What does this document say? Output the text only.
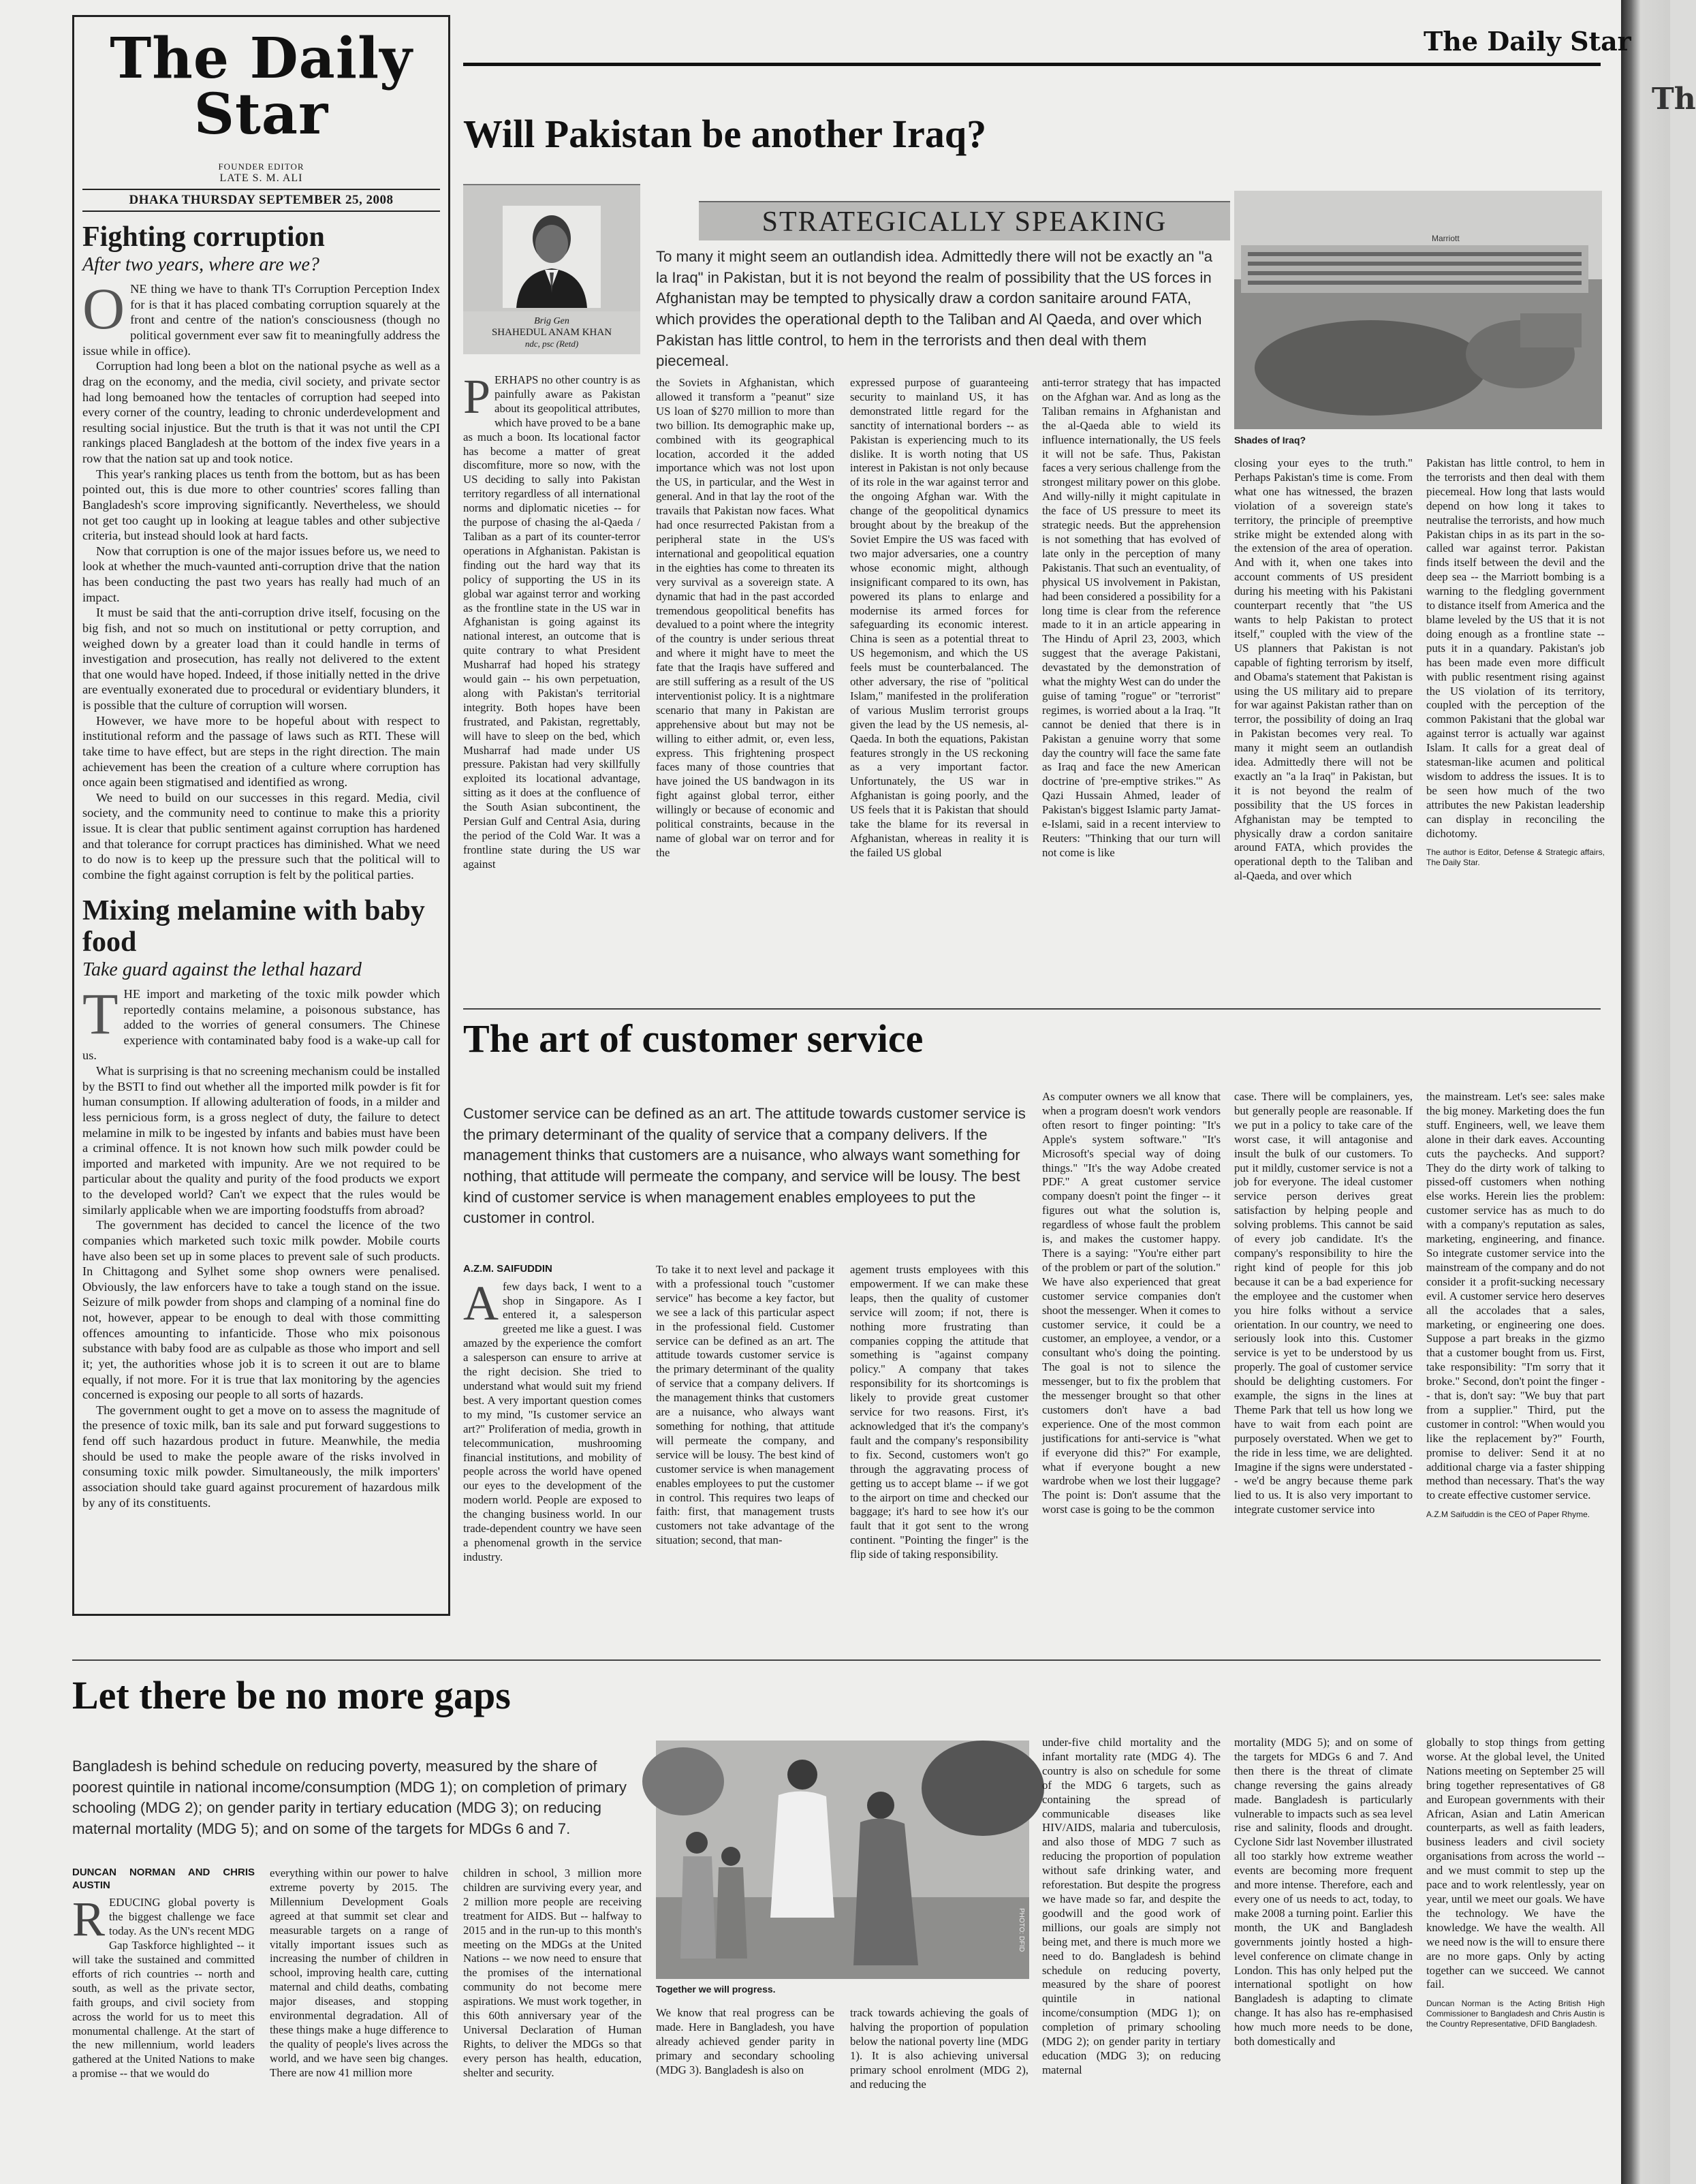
Th
The Daily Star
FOUNDER EDITOR
LATE S. M. ALI
DHAKA THURSDAY SEPTEMBER 25, 2008
Fighting corruption
After two years, where are we?

ONE thing we have to thank TI's Corruption Perception Index for is that it has placed combating corruption squarely at the front and centre of the nation's consciousness (though no political government ever saw fit to meaningfully address the issue while in office).

Corruption had long been a blot on the national psyche as well as a drag on the economy, and the media, civil society, and private sector had long bemoaned how the tentacles of corruption had seeped into every corner of the country, leading to chronic underdevelopment and resulting social injustice. But the truth is that it was not until the CPI rankings placed Bangladesh at the bottom of the index five years in a row that the nation sat up and took notice.

This year's ranking places us tenth from the bottom, but as has been pointed out, this is due more to other countries' scores falling than Bangladesh's score improving significantly. Nevertheless, we should not get too caught up in looking at league tables and other subjective criteria, but instead should look at hard facts.

Now that corruption is one of the major issues before us, we need to look at whether the much-vaunted anti-corruption drive that the nation has been conducting the past two years has really had much of an impact.

It must be said that the anti-corruption drive itself, focusing on the big fish, and not so much on institutional or petty corruption, and weighed down by a greater load than it could handle in terms of investigation and prosecution, has really not delivered to the extent that one would have hoped. Indeed, if those initially netted in the drive are eventually exonerated due to procedural or evidentiary blunders, it is possible that the culture of corruption will worsen.

However, we have more to be hopeful about with respect to institutional reform and the passage of laws such as RTI. These will take time to have effect, but are steps in the right direction. The main achievement has been the creation of a culture where corruption has once again been stigmatised and identified as wrong.

We need to build on our successes in this regard. Media, civil society, and the community need to continue to make this a priority issue. It is clear that public sentiment against corruption has hardened and that tolerance for corrupt practices has diminished. What we need to do now is to keep up the pressure such that the political will to combine the fight against corruption is felt by the political parties.

Mixing melamine with baby food
Take guard against the lethal hazard

THE import and marketing of the toxic milk powder which reportedly contains melamine, a poisonous substance, has added to the worries of general consumers. The Chinese experience with contaminated baby food is a wake-up call for us.

What is surprising is that no screening mechanism could be installed by the BSTI to find out whether all the imported milk powder is fit for human consumption. If allowing adulteration of foods, in a milder and less pernicious form, is a gross neglect of duty, the failure to detect melamine in milk to be ingested by infants and babies must have been a criminal offence. It is not known how such milk powder could be imported and marketed with impunity. Are we not required to be particular about the quality and purity of the food products we export to the developed world? Can't we expect that the rules would be similarly applicable when we are importing foodstuffs from abroad?

The government has decided to cancel the licence of the two companies which marketed such toxic milk powder. Mobile courts have also been set up in some places to prevent sale of such products. In Chittagong and Sylhet some shop owners were penalised. Obviously, the law enforcers have to take a tough stand on the issue. Seizure of milk powder from shops and clamping of a nominal fine do not, however, appear to be enough to deal with those committing offences amounting to infanticide. Those who mix poisonous substance with baby food are as culpable as those who import and sell it; yet, the authorities whose job it is to screen it out are to blame equally, if not more. For it is true that lax monitoring by the agencies concerned is exposing our people to all sorts of hazards.

The government ought to get a move on to assess the magnitude of the presence of toxic milk, ban its sale and put forward suggestions to fend off such hazardous product in future. Meanwhile, the media should be used to make the people aware of the risks involved in consuming toxic milk powder. Simultaneously, the milk importers' association should take guard against procurement of hazardous milk by any of its constituents.

The Daily Star
Will Pakistan be another Iraq?
Brig Gen
SHAHEDUL ANAM KHAN
ndc, psc (Retd)
STRATEGICALLY SPEAKING
To many it might seem an outlandish idea. Admittedly there will not be exactly an "a la Iraq" in Pakistan, but it is not beyond the realm of possibility that the US forces in Afghanistan may be tempted to physically draw a cordon sanitaire around FATA, which provides the operational depth to the Taliban and Al Qaeda, and over which Pakistan has little control, to hem in the terrorists and then deal with them piecemeal.
Marriott
Shades of Iraq?

PERHAPS no other country is as painfully aware as Pakistan about its geopolitical attributes, which have proved to be a bane as much a boon. Its locational factor has become a matter of great discomfiture, more so now, with the US deciding to sally into Pakistan territory regardless of all international norms and diplomatic niceties -- for the purpose of chasing the al-Qaeda / Taliban as a part of its counter-terror operations in Afghanistan. Pakistan is finding out the hard way that its policy of supporting the US in its global war against terror and working as the frontline state in the US war in Afghanistan is going against its national interest, an outcome that is quite contrary to what President Musharraf had hoped his strategy would gain -- his own perpetuation, along with Pakistan's territorial integrity. Both hopes have been frustrated, and Pakistan, regrettably, will have to sleep on the bed, which Musharraf had made under US pressure. Pakistan had very skillfully exploited its locational advantage, sitting as it does at the confluence of the South Asian subcontinent, the Persian Gulf and Central Asia, during the period of the Cold War. It was a frontline state during the US war against

the Soviets in Afghanistan, which allowed it transform a "peanut" size US loan of $270 million to more than two billion. Its demographic make up, combined with its geographical location, accorded it the added importance which was not lost upon the US, in particular, and the West in general. And in that lay the root of the travails that Pakistan now faces. What had once resurrected Pakistan from a peripheral state in the US's international and geopolitical equation in the eighties has come to threaten its very survival as a sovereign state. A dynamic that had in the past accorded tremendous geopolitical benefits has devalued to a point where the integrity of the country is under serious threat and where it might have to meet the fate that the Iraqis have suffered and are still suffering as a result of the US interventionist policy. It is a nightmare scenario that many in Pakistan are apprehensive about but may not be willing to either admit, or, even less, express. This frightening prospect faces many of those countries that have joined the US bandwagon in its fight against global terror, either willingly or because of economic and political constraints, because in the name of global war on terror and for the

expressed purpose of guaranteeing security to mainland US, it has demonstrated little regard for the sanctity of international borders -- as Pakistan is experiencing much to its dislike. It is worth noting that US interest in Pakistan is not only because of its role in the war against terror and the ongoing Afghan war. With the change of the geopolitical dynamics brought about by the breakup of the Soviet Empire the US was faced with two major adversaries, one a country whose economic might, although insignificant compared to its own, has powered its plans to enlarge and modernise its armed forces for safeguarding its economic interest. China is seen as a potential threat to US hegemonism, and which the US feels must be counterbalanced. The other adversary, the rise of "political Islam," manifested in the proliferation of various Muslim terrorist groups given the lead by the US nemesis, al-Qaeda. In both the equations, Pakistan features strongly in the US reckoning as a very important factor. Unfortunately, the US war in Afghanistan is going poorly, and the US feels that it is Pakistan that should take the blame for its reversal in Afghanistan, whereas in reality it is the failed US global

anti-terror strategy that has impacted on the Afghan war. And as long as the Taliban remains in Afghanistan and the al-Qaeda able to wield its influence internationally, the US feels it will not be safe. Thus, Pakistan faces a very serious challenge from the strongest military power on this globe. And willy-nilly it might capitulate in the face of US pressure to meet its strategic needs. But the apprehension is not something that has evolved of late only in the perception of many Pakistanis. That such an eventuality, of physical US involvement in Pakistan, had been considered a possibility for a long time is clear from the reference made to it in an article appearing in The Hindu of April 23, 2003, which suggest that the average Pakistani, devastated by the demonstration of what the mighty West can do under the guise of taming "rogue" or "terrorist" regimes, is worried about a la Iraq. "It cannot be denied that there is in Pakistan a genuine worry that some day the country will face the same fate as Iraq and face the new American doctrine of 'pre-emptive strikes.'" As Qazi Hussain Ahmed, leader of Pakistan's biggest Islamic party Jamat-e-Islami, said in a recent interview to Reuters: "Thinking that our turn will not come is like

closing your eyes to the truth." Perhaps Pakistan's time is come. From what one has witnessed, the brazen violation of a sovereign state's territory, the principle of preemptive strike might be extended along with the extension of the area of operation. And with it, when one takes into account comments of US president during his meeting with his Pakistani counterpart recently that "the US wants to help Pakistan to protect itself," coupled with the view of the US planners that Pakistan is not capable of fighting terrorism by itself, and Obama's statement that Pakistan is using the US military aid to prepare for war against Pakistan rather than on terror, the possibility of doing an Iraq in Pakistan becomes very real. To many it might seem an outlandish idea. Admittedly there will not be exactly an "a la Iraq" in Pakistan, but it is not beyond the realm of possibility that the US forces in Afghanistan may be tempted to physically draw a cordon sanitaire around FATA, which provides the operational depth to the Taliban and al-Qaeda, and over which

Pakistan has little control, to hem in the terrorists and then deal with them piecemeal. How long that lasts would depend on how long it takes to neutralise the terrorists, and how much Pakistan chips in as its part in the so-called war against terror. Pakistan finds itself between the devil and the deep sea -- the Marriott bombing is a warning to the fledgling government to distance itself from America and the blame leveled by the US that it is not doing enough as a frontline state -- puts it in a quandary. Pakistan's job has been made even more difficult with public resentment rising against the US violation of its territory, coupled with the perception of the common Pakistani that the global war against terror is actually war against Islam. It calls for a great deal of statesman-like acumen and political wisdom to address the issues. It is to be seen how much of the two attributes the new Pakistan leadership can display in reconciling the dichotomy.

The author is Editor, Defense & Strategic affairs, The Daily Star.
The art of customer service
Customer service can be defined as an art. The attitude towards customer service is the primary determinant of the quality of service that a company delivers. If the management thinks that customers are a nuisance, who always want something for nothing, that attitude will permeate the company, and service will be lousy. The best kind of customer service is when management enables employees to put the customer in control.
A.Z.M. SAIFUDDIN

Afew days back, I went to a shop in Singapore. As I entered it, a salesperson greeted me like a guest. I was amazed by the experience the comfort a salesperson can ensure to arrive at the right decision. She tried to understand what would suit my friend best. A very important question comes to my mind, "Is customer service an art?" Proliferation of media, growth in telecommunication, mushrooming financial institutions, and mobility of people across the world have opened our eyes to the development of the modern world. People are exposed to the changing business world. In our trade-dependent country we have seen a phenomenal growth in the service industry.

To take it to next level and package it with a professional touch "customer service" has become a key factor, but we see a lack of this particular aspect in the professional field. Customer service can be defined as an art. The attitude towards customer service is the primary determinant of the quality of service that a company delivers. If the management thinks that customers are a nuisance, who always want something for nothing, that attitude will permeate the company, and service will be lousy. The best kind of customer service is when management enables employees to put the customer in control. This requires two leaps of faith: first, that management trusts customers not take advantage of the situation; second, that man-

agement trusts employees with this empowerment. If we can make these leaps, then the quality of customer service will zoom; if not, there is nothing more frustrating than companies copping the attitude that something is "against company policy." A company that takes responsibility for its shortcomings is likely to provide great customer service for two reasons. First, it's acknowledged that it's the company's fault and the company's responsibility to fix. Second, customers won't go through the aggravating process of getting us to accept blame -- if we got to the airport on time and checked our baggage; it's hard to see how it's our fault that it got sent to the wrong continent. "Pointing the finger" is the flip side of taking responsibility.

As computer owners we all know that when a program doesn't work vendors often resort to finger pointing: "It's Apple's system software." "It's Microsoft's special way of doing things." "It's the way Adobe created PDF." A great customer service company doesn't point the finger -- it figures out what the solution is, regardless of whose fault the problem is, and makes the customer happy. There is a saying: "You're either part of the problem or part of the solution." We have also experienced that great customer service companies don't shoot the messenger. When it comes to customer service, it could be a customer, an employee, a vendor, or a consultant who's doing the pointing. The goal is not to silence the messenger, but to fix the problem that the messenger brought so that other customers don't have a bad experience. One of the most common justifications for anti-service is "what if everyone did this?" For example, what if everyone bought a new wardrobe when we lost their luggage? The point is: Don't assume that the worst case is going to be the common

case. There will be complainers, yes, but generally people are reasonable. If we put in a policy to take care of the worst case, it will antagonise and insult the bulk of our customers. To put it mildly, customer service is not a job for everyone. The ideal customer service person derives great satisfaction by helping people and solving problems. This cannot be said of every job candidate. It's the company's responsibility to hire the right kind of people for this job because it can be a bad experience for the employee and the customer when you hire folks without a service orientation. In our country, we need to seriously look into this. Customer service is yet to be understood by us properly. The goal of customer service should be delighting customers. For example, the signs in the lines at Theme Park that tell us how long we have to wait from each point are purposely overstated. When we get to the ride in less time, we are delighted. Imagine if the signs were understated -- we'd be angry because theme park lied to us. It is also very important to integrate customer service into

the mainstream. Let's see: sales make the big money. Marketing does the fun stuff. Engineers, well, we leave them alone in their dark eaves. Accounting cuts the paychecks. And support? They do the dirty work of talking to pissed-off customers when nothing else works. Herein lies the problem: customer service has as much to do with a company's reputation as sales, marketing, engineering, and finance. So integrate customer service into the mainstream of the company and do not consider it a profit-sucking necessary evil. A customer service hero deserves all the accolades that a sales, marketing, or engineering one does. Suppose a part breaks in the gizmo that a customer bought from us. First, take responsibility: "I'm sorry that it broke." Second, don't point the finger -- that is, don't say: "We buy that part from a supplier." Third, put the customer in control: "When would you like the replacement by?" Fourth, promise to deliver: Send it at no additional charge via a faster shipping method than necessary. That's the way to create effective customer service.

A.Z.M Saifuddin is the CEO of Paper Rhyme.
Let there be no more gaps
Bangladesh is behind schedule on reducing poverty, measured by the share of poorest quintile in national income/consumption (MDG 1); on completion of primary schooling (MDG 2); on gender parity in tertiary education (MDG 3); on reducing maternal mortality (MDG 5); and on some of the targets for MDGs 6 and 7.
PHOTO: DFID
Together we will progress.
DUNCAN NORMAN AND CHRIS AUSTIN

REDUCING global poverty is the biggest challenge we face today. As the UN's recent MDG Gap Taskforce highlighted -- it will take the sustained and committed efforts of rich countries -- north and south, as well as the private sector, faith groups, and civil society from across the world for us to meet this monumental challenge. At the start of the new millennium, world leaders gathered at the United Nations to make a promise -- that we would do

everything within our power to halve extreme poverty by 2015. The Millennium Development Goals agreed at that summit set clear and measurable targets on a range of vitally important issues such as increasing the number of children in school, improving health care, cutting maternal and child deaths, combating major diseases, and stopping environmental degradation. All of these things make a huge difference to the quality of people's lives across the world, and we have seen big changes. There are now 41 million more

children in school, 3 million more children are surviving every year, and 2 million more people are receiving treatment for AIDS. But -- halfway to 2015 and in the run-up to this month's meeting on the MDGs at the United Nations -- we now need to ensure that the promises of the international community do not become mere aspirations. We must work together, in this 60th anniversary year of the Universal Declaration of Human Rights, to deliver the MDGs so that every person has health, education, shelter and security.

We know that real progress can be made. Here in Bangladesh, you have already achieved gender parity in primary and secondary schooling (MDG 3). Bangladesh is also on

track towards achieving the goals of halving the proportion of population below the national poverty line (MDG 1). It is also achieving universal primary school enrolment (MDG 2), and reducing the

under-five child mortality and the infant mortality rate (MDG 4). The country is also on schedule for some of the MDG 6 targets, such as containing the spread of communicable diseases like HIV/AIDS, malaria and tuberculosis, and also those of MDG 7 such as reducing the proportion of population without safe drinking water, and reforestation. But despite the progress we have made so far, and despite the goodwill and the good work of millions, our goals are simply not being met, and there is much more we need to do. Bangladesh is behind schedule on reducing poverty, measured by the share of poorest quintile in national income/consumption (MDG 1); on completion of primary schooling (MDG 2); on gender parity in tertiary education (MDG 3); on reducing maternal

mortality (MDG 5); and on some of the targets for MDGs 6 and 7. And then there is the threat of climate change reversing the gains already made. Bangladesh is particularly vulnerable to impacts such as sea level rise and salinity, floods and drought. Cyclone Sidr last November illustrated all too starkly how extreme weather events are becoming more frequent and more intense. Therefore, each and every one of us needs to act, today, to make 2008 a turning point. Earlier this month, the UK and Bangladesh governments jointly hosted a high-level conference on climate change in London. This has only helped put the international spotlight on how Bangladesh is adapting to climate change. It has also has re-emphasised how much more needs to be done, both domestically and

globally to stop things from getting worse. At the global level, the United Nations meeting on September 25 will bring together representatives of G8 and European governments with their African, Asian and Latin American counterparts, as well as faith leaders, business leaders and civil society organisations from across the world -- and we must commit to step up the pace and to work relentlessly, year on year, until we meet our goals. We have the technology. We have the knowledge. We have the wealth. All we need now is the will to ensure there are no more gaps. Only by acting together can we succeed. We cannot fail.

Duncan Norman is the Acting British High Commissioner to Bangladesh and Chris Austin is the Country Representative, DFID Bangladesh.
